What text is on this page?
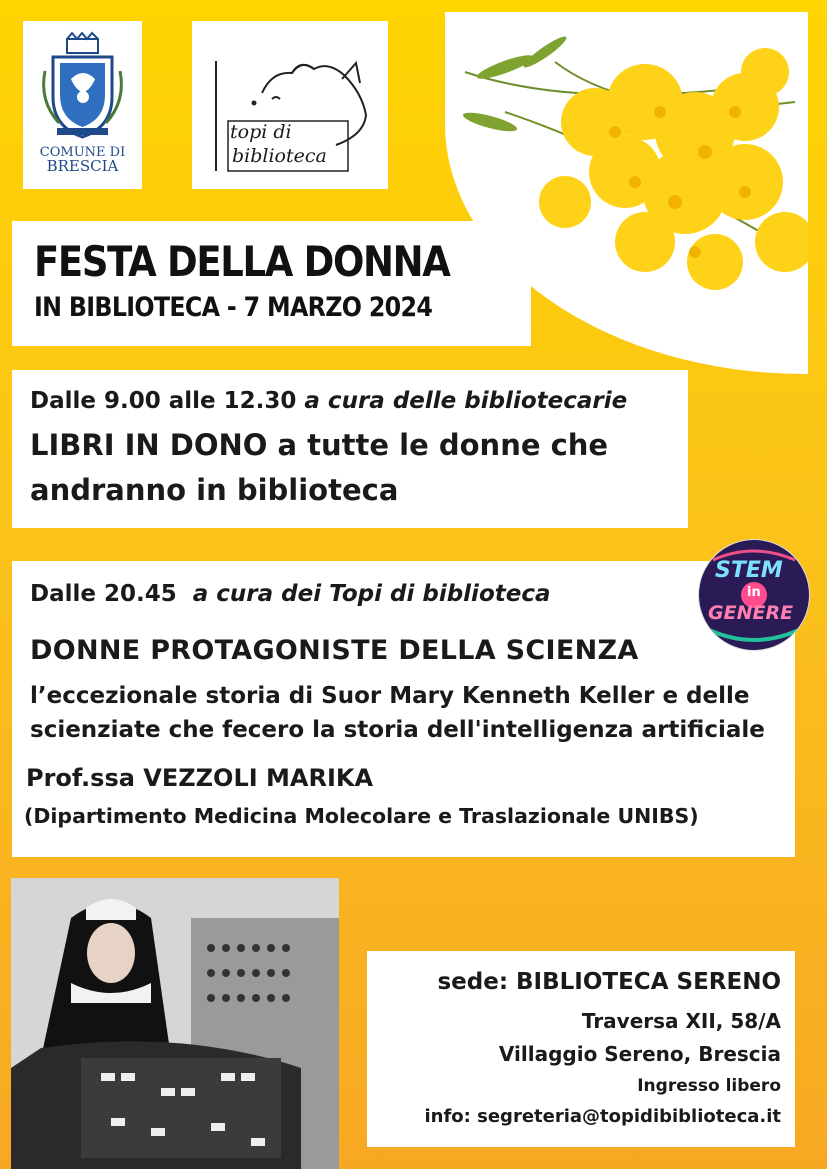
COMUNE DI
BRESCIA
topi di
biblioteca
FESTA DELLA DONNA
IN BIBLIOTECA - 7 MARZO 2024
Dalle 9.00 alle 12.30 a cura delle bibliotecarie
LIBRI IN DONO a tutte le donne che
andranno in biblioteca
Dalle 20.45 a cura dei Topi di biblioteca
DONNE PROTAGONISTE DELLA SCIENZA
l’eccezionale storia di Suor Mary Kenneth Keller e delle
scienziate che fecero la storia dell'intelligenza artificiale
Prof.ssa VEZZOLI MARIKA
(Dipartimento Medicina Molecolare e Traslazionale UNIBS)
STEM
in
GENERE
sede: BIBLIOTECA SERENO
Traversa XII, 58/A
Villaggio Sereno, Brescia
Ingresso libero
info: segreteria@topidibiblioteca.it
